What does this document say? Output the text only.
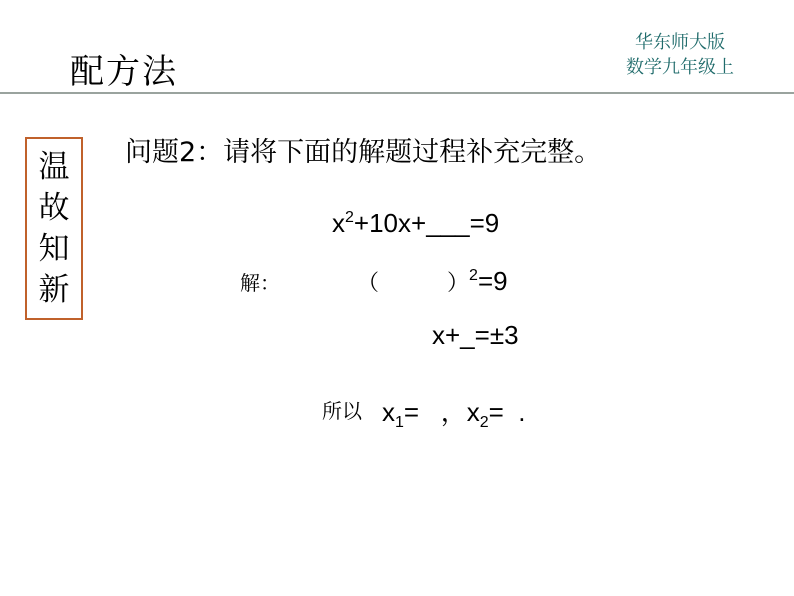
配方法
华东师大版
数学九年级上
温
故
知
新
问题2：请将下面的解题过程补充完整。
$x^2+10x+\_\_\_=9$
解：	（	）$^2$=9
x+_=±3
所以 $x_1=$   ，$x_2=$  .
